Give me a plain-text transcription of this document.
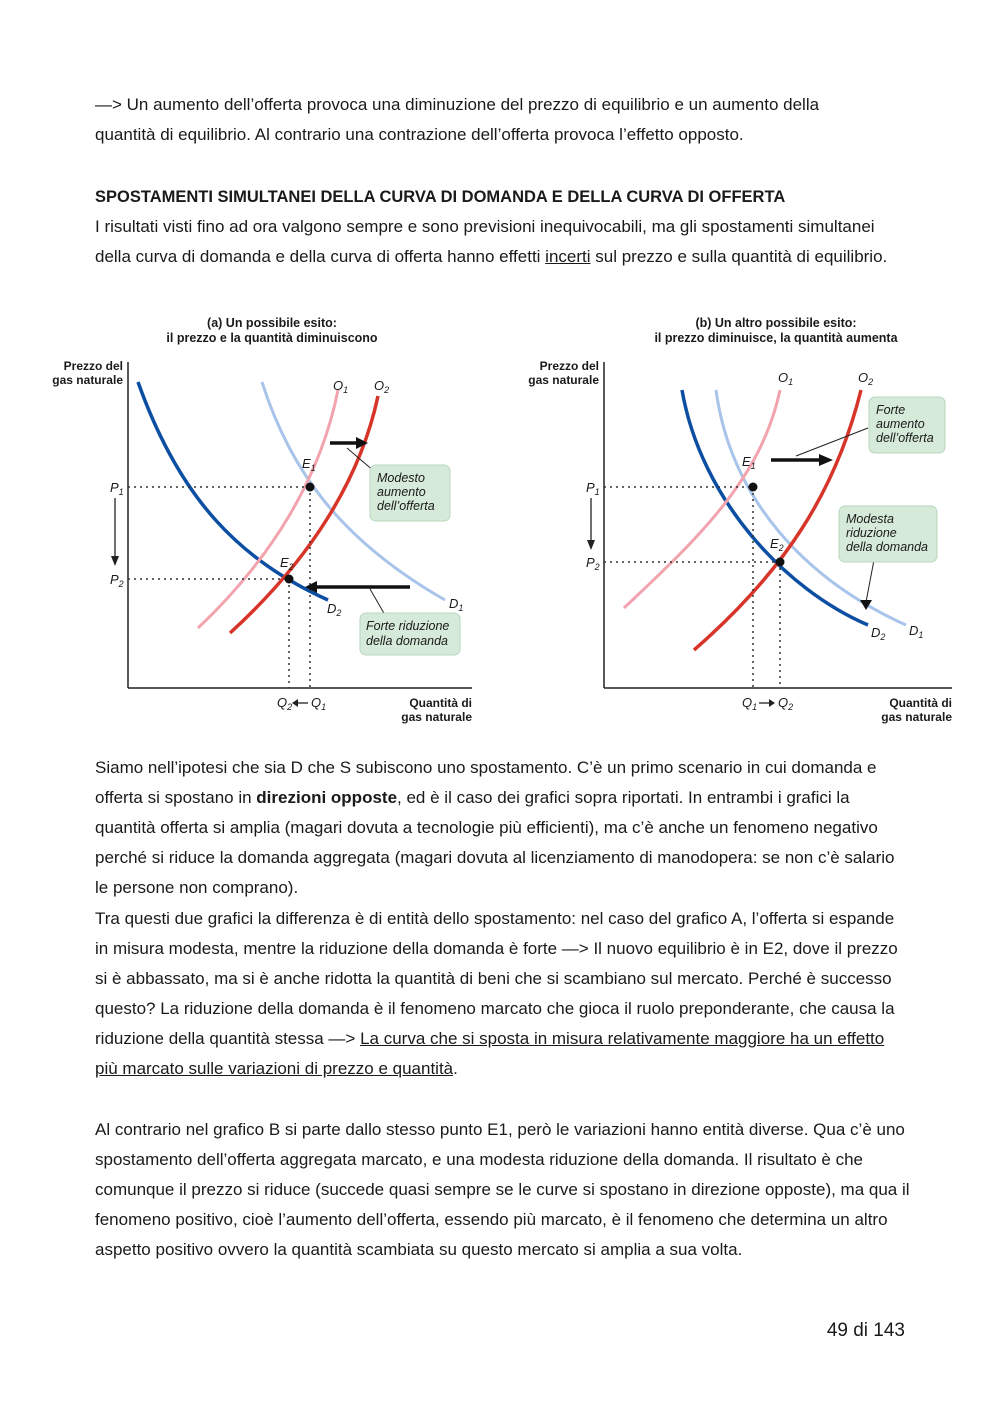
—> Un aumento dell’offerta provoca una diminuzione del prezzo di equilibrio e un aumento della
quantità di equilibrio. Al contrario una contrazione dell’offerta provoca l’effetto opposto.

SPOSTAMENTI SIMULTANEI DELLA CURVA DI DOMANDA E DELLA CURVA DI OFFERTA

I risultati visti fino ad ora valgono sempre e sono previsioni inequivocabili, ma gli spostamenti simultanei della curva di domanda e della curva di offerta hanno effetti incerti sul prezzo e sulla quantità di equilibrio.

(a) Un possibile esito:
il prezzo e la quantità diminuiscono
Prezzo del
gas naturale
Quantità di
gas naturale
$E_1$
$E_2$
$O_1$ $O_2$
$D_1$
$D_2$
$P_1$
$P_2$
$Q_2$ $Q_1$
Modesto
aumento
dell’offerta
Forte riduzione
della domanda
(b) Un altro possibile esito:
il prezzo diminuisce, la quantità aumenta
Prezzo del
gas naturale
Quantità di
gas naturale
$E_1$
$E_2$
$O_1$	$O_2$
$D_1$
$D_2$
$P_1$
$P_2$
$Q_1$ $Q_2$
Forte
aumento
dell’offerta
Modesta
riduzione
della domanda

Siamo nell’ipotesi che sia D che S subiscono uno spostamento. C’è un primo scenario in cui domanda e offerta si spostano in direzioni opposte, ed è il caso dei grafici sopra riportati. In entrambi i grafici la quantità offerta si amplia (magari dovuta a tecnologie più efficienti), ma c’è anche un fenomeno negativo perché si riduce la domanda aggregata (magari dovuta al licenziamento di manodopera: se non c’è salario le persone non comprano).

Tra questi due grafici la differenza è di entità dello spostamento: nel caso del grafico A, l’offerta si espande in misura modesta, mentre la riduzione della domanda è forte —> Il nuovo equilibrio è in E2, dove il prezzo si è abbassato, ma si è anche ridotta la quantità di beni che si scambiano sul mercato. Perché è successo questo? La riduzione della domanda è il fenomeno marcato che gioca il ruolo preponderante, che causa la riduzione della quantità stessa —> La curva che si sposta in misura relativamente maggiore ha un effetto più marcato sulle variazioni di prezzo e quantità.

Al contrario nel grafico B si parte dallo stesso punto E1, però le variazioni hanno entità diverse. Qua c’è uno spostamento dell’offerta aggregata marcato, e una modesta riduzione della domanda. Il risultato è che comunque il prezzo si riduce (succede quasi sempre se le curve si spostano in direzione opposte), ma qua il fenomeno positivo, cioè l’aumento dell’offerta, essendo più marcato, è il fenomeno che determina un altro aspetto positivo ovvero la quantità scambiata su questo mercato si amplia a sua volta.

49 di 143
